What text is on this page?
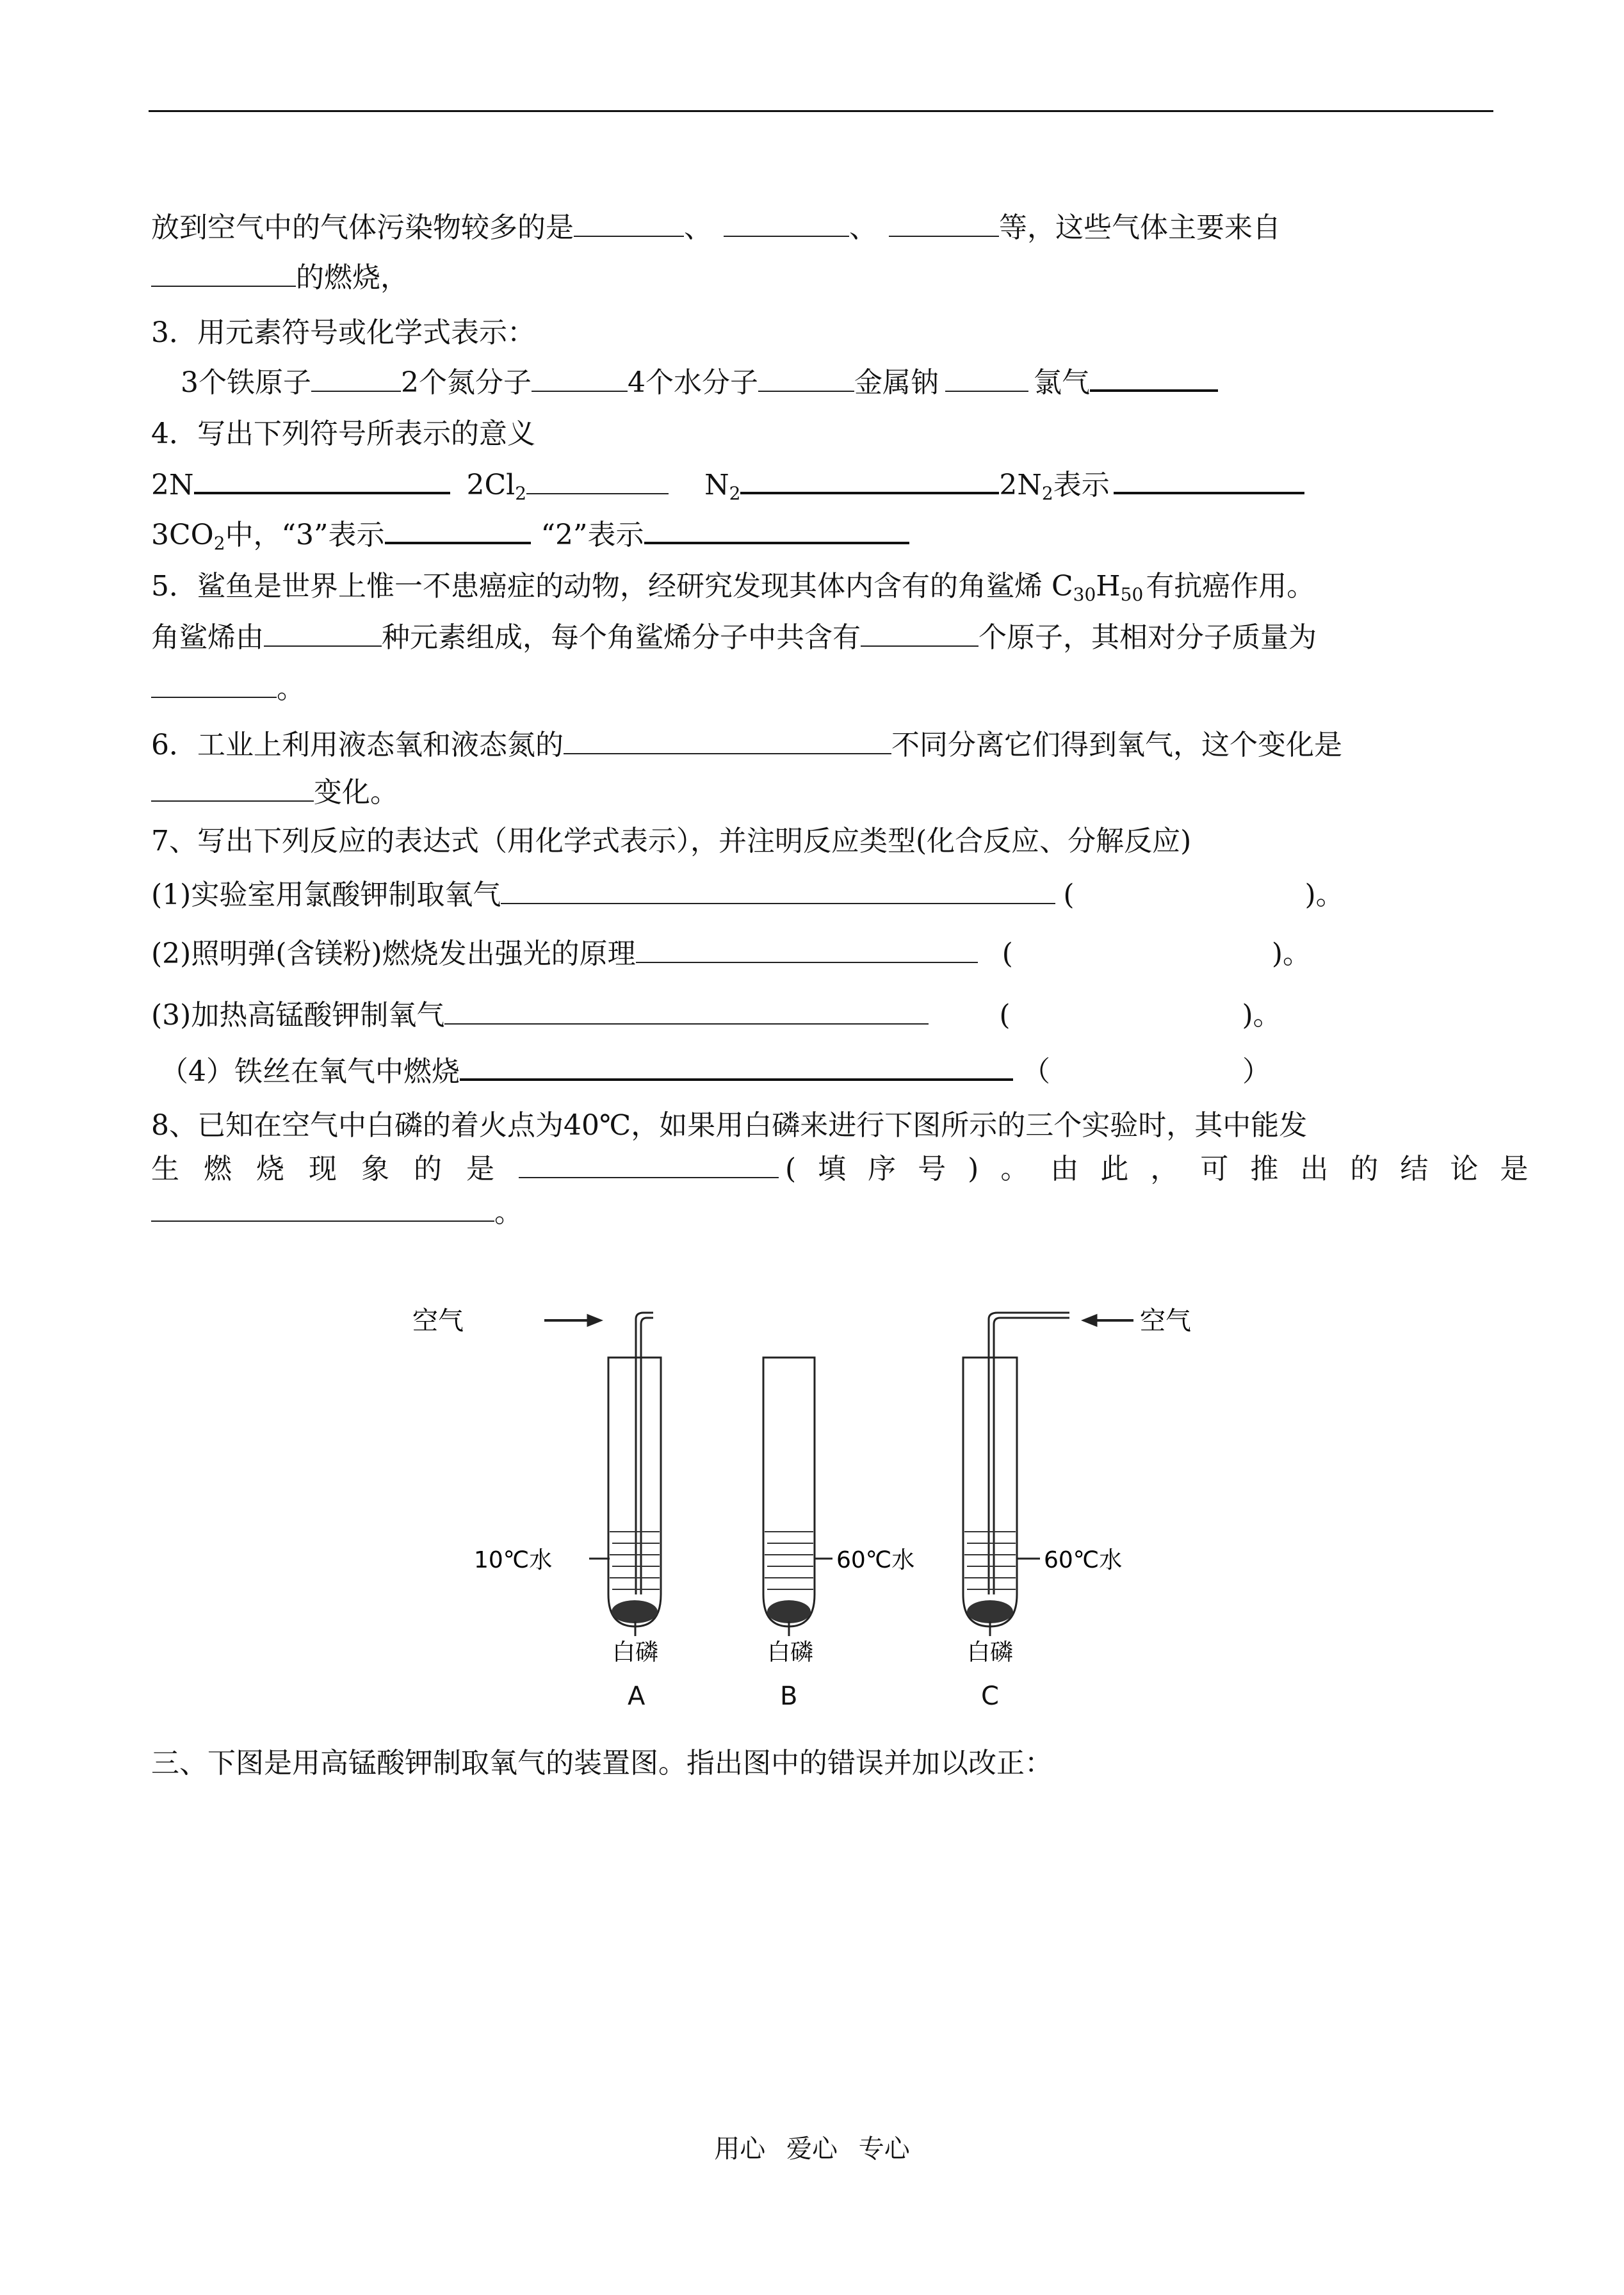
放到空气中的气体污染物较多的是	、	、	等，这些气体主要来自
的燃烧，
3．用元素符号或化学式表示：
3个铁原子	2个氮分子	4个水分子	金属钠	氯气
4．写出下列符号所表示的意义
2N	$2Cl_2$	$N_2$	$2N_2$表示
$3CO_2$中，“3”表示	“2”表示
5．鲨鱼是世界上惟一不患癌症的动物，经研究发现其体内含有的角鲨烯 $C_{30}H_{50}$有抗癌作用。
角鲨烯由	种元素组成，每个角鲨烯分子中共含有	个原子，其相对分子质量为
。
6．工业上利用液态氧和液态氮的	不同分离它们得到氧气，这个变化是
变化。
7、写出下列反应的表达式（用化学式表示），并注明反应类型(化合反应、分解反应)
(1)实验室用氯酸钾制取氧气	(	)。
(2)照明弹(含镁粉)燃烧发出强光的原理	(	)。
(3)加热高锰酸钾制氧气	(	)。
（4）铁丝在氧气中燃烧	（	）
8、已知在空气中白磷的着火点为40℃，如果用白磷来进行下图所示的三个实验时，其中能发
生燃烧现象的是	(填序号)。由此，可推出的结论是
。
10℃水
白磷
60℃水
白磷
60℃水
白磷
空气	空气
A	B	C
三、下图是用高锰酸钾制取氧气的装置图。指出图中的错误并加以改正：
用心 爱心 专心
